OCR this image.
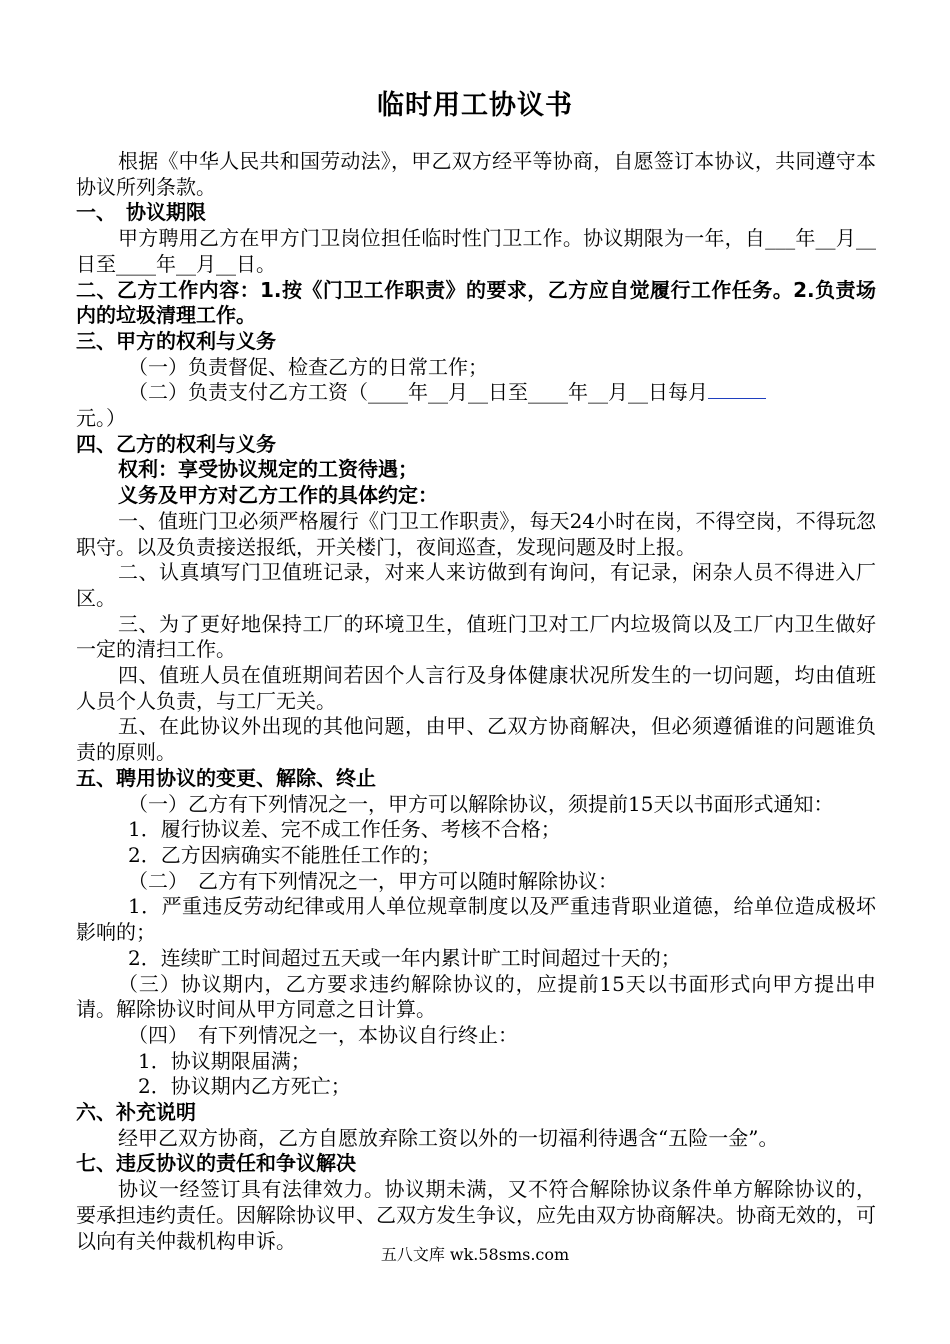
临时用工协议书

根据《中华人民共和国劳动法》，甲乙双方经平等协商，自愿签订本协议，共同遵守本协议所列条款。

一、　协议期限

甲方聘用乙方在甲方门卫岗位担任临时性门卫工作。协议期限为一年，自___年__月__日至____年__月__日。

二、乙方工作内容：1.按《门卫工作职责》的要求，乙方应自觉履行工作任务。2.负责场内的垃圾清理工作。

三、甲方的权利与义务

（一）负责督促、检查乙方的日常工作；

（二）负责支付乙方工资（____年__月__日至____年__月__日每月

元。）

四、乙方的权利与义务

权利：享受协议规定的工资待遇；

义务及甲方对乙方工作的具体约定：

一、值班门卫必须严格履行《门卫工作职责》，每天24小时在岗，不得空岗，不得玩忽职守。以及负责接送报纸，开关楼门，夜间巡查，发现问题及时上报。

二、认真填写门卫值班记录，对来人来访做到有询问，有记录，闲杂人员不得进入厂区。

三、为了更好地保持工厂的环境卫生，值班门卫对工厂内垃圾筒以及工厂内卫生做好一定的清扫工作。

四、值班人员在值班期间若因个人言行及身体健康状况所发生的一切问题，均由值班人员个人负责，与工厂无关。

五、在此协议外出现的其他问题，由甲、乙双方协商解决，但必须遵循谁的问题谁负责的原则。

五、聘用协议的变更、解除、终止

（一）乙方有下列情况之一，甲方可以解除协议，须提前15天以书面形式通知：

1．履行协议差、完不成工作任务、考核不合格；

2．乙方因病确实不能胜任工作的；

（二）　乙方有下列情况之一，甲方可以随时解除协议：

1．严重违反劳动纪律或用人单位规章制度以及严重违背职业道德，给单位造成极坏影响的；

2．连续旷工时间超过五天或一年内累计旷工时间超过十天的；

（三）协议期内，乙方要求违约解除协议的，应提前15天以书面形式向甲方提出申请。解除协议时间从甲方同意之日计算。

（四）　有下列情况之一，本协议自行终止：

1．协议期限届满；

2．协议期内乙方死亡；

六、补充说明

经甲乙双方协商，乙方自愿放弃除工资以外的一切福利待遇含“五险一金”。

七、违反协议的责任和争议解决

协议一经签订具有法律效力。协议期未满，又不符合解除协议条件单方解除协议的，要承担违约责任。因解除协议甲、乙双方发生争议，应先由双方协商解决。协商无效的，可以向有关仲裁机构申诉。

五八文库 wk.58sms.com
